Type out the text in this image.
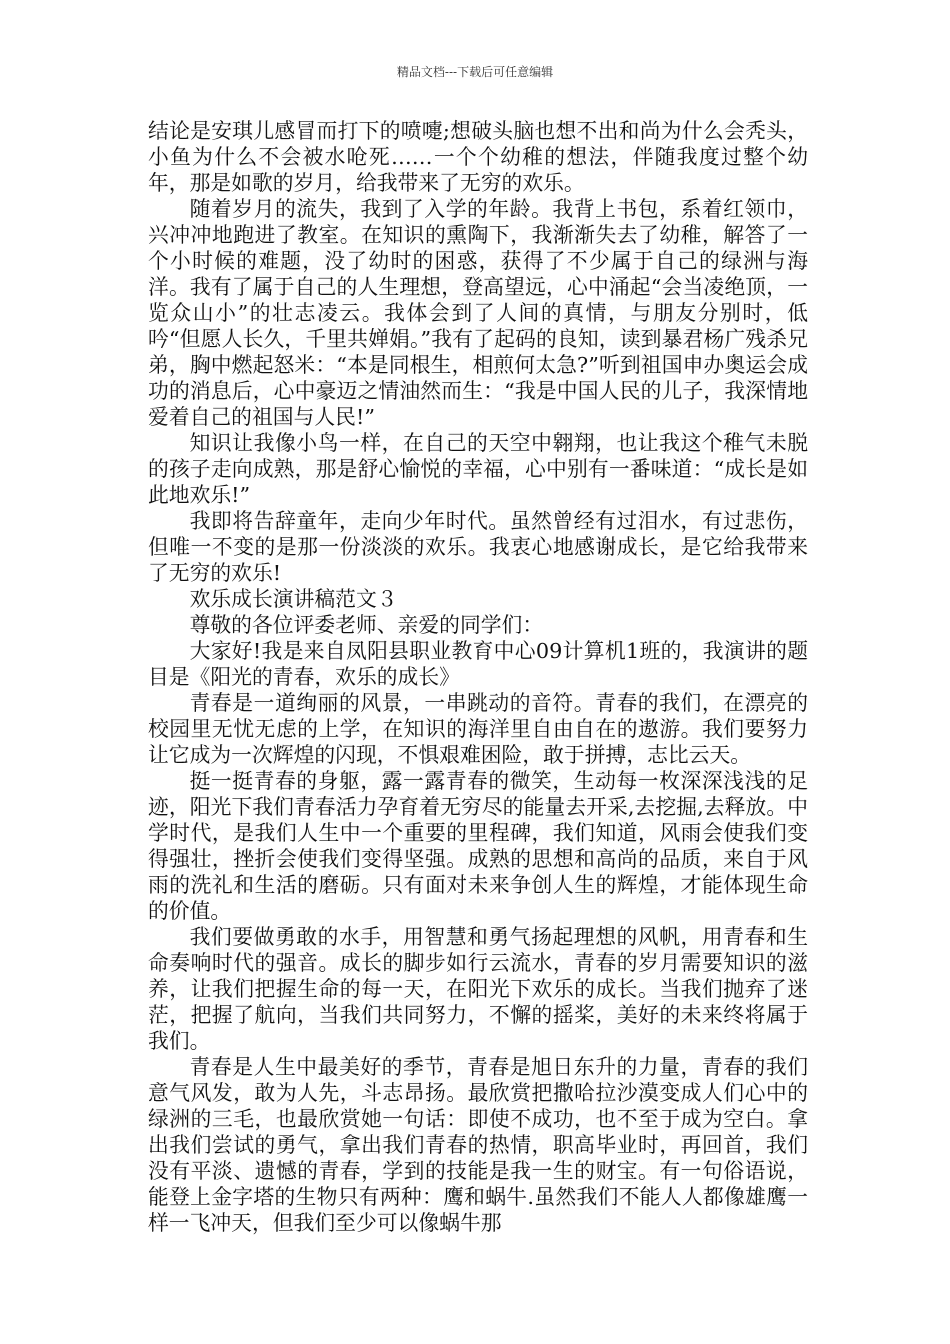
精品文档---下载后可任意编辑

结论是安琪儿感冒而打下的喷嚏;想破头脑也想不出和尚为什么会秃头，小鱼为什么不会被水呛死……一个个幼稚的想法，伴随我度过整个幼年，那是如歌的岁月，给我带来了无穷的欢乐。

随着岁月的流失，我到了入学的年龄。我背上书包，系着红领巾，兴冲冲地跑进了教室。在知识的熏陶下，我渐渐失去了幼稚，解答了一个小时候的难题，没了幼时的困惑，获得了不少属于自己的绿洲与海洋。我有了属于自己的人生理想，登高望远，心中涌起“会当凌绝顶，一览众山小”的壮志凌云。我体会到了人间的真情，与朋友分别时，低吟“但愿人长久，千里共婵娟。”我有了起码的良知，读到暴君杨广残杀兄弟，胸中燃起怒米：“本是同根生，相煎何太急?”听到祖国申办奥运会成功的消息后，心中豪迈之情油然而生：“我是中国人民的儿子，我深情地爱着自己的祖国与人民!”

知识让我像小鸟一样，在自己的天空中翱翔，也让我这个稚气未脱的孩子走向成熟，那是舒心愉悦的幸福，心中别有一番味道：“成长是如此地欢乐!”

我即将告辞童年，走向少年时代。虽然曾经有过泪水，有过悲伤，但唯一不变的是那一份淡淡的欢乐。我衷心地感谢成长，是它给我带来了无穷的欢乐!

欢乐成长演讲稿范文３

尊敬的各位评委老师、亲爱的同学们：

大家好!我是来自凤阳县职业教育中心09计算机1班的，我演讲的题目是《阳光的青春，欢乐的成长》

青春是一道绚丽的风景，一串跳动的音符。青春的我们，在漂亮的校园里无忧无虑的上学，在知识的海洋里自由自在的遨游。我们要努力让它成为一次辉煌的闪现，不惧艰难困险，敢于拼搏，志比云天。

挺一挺青春的身躯，露一露青春的微笑，生动每一枚深深浅浅的足迹，阳光下我们青春活力孕育着无穷尽的能量去开采,去挖掘,去释放。中学时代，是我们人生中一个重要的里程碑，我们知道，风雨会使我们变得强壮，挫折会使我们变得坚强。成熟的思想和高尚的品质，来自于风雨的洗礼和生活的磨砺。只有面对未来争创人生的辉煌，才能体现生命的价值。

我们要做勇敢的水手，用智慧和勇气扬起理想的风帆，用青春和生命奏响时代的强音。成长的脚步如行云流水，青春的岁月需要知识的滋养，让我们把握生命的每一天，在阳光下欢乐的成长。当我们抛弃了迷茫，把握了航向，当我们共同努力，不懈的摇桨，美好的未来终将属于我们。

青春是人生中最美好的季节，青春是旭日东升的力量，青春的我们意气风发，敢为人先，斗志昂扬。最欣赏把撒哈拉沙漠变成人们心中的绿洲的三毛，也最欣赏她一句话：即使不成功，也不至于成为空白。拿出我们尝试的勇气，拿出我们青春的热情，职高毕业时，再回首，我们没有平淡、遗憾的青春，学到的技能是我一生的财宝。有一句俗语说，能登上金字塔的生物只有两种：鹰和蜗牛.虽然我们不能人人都像雄鹰一样一飞冲天，但我们至少可以像蜗牛那
